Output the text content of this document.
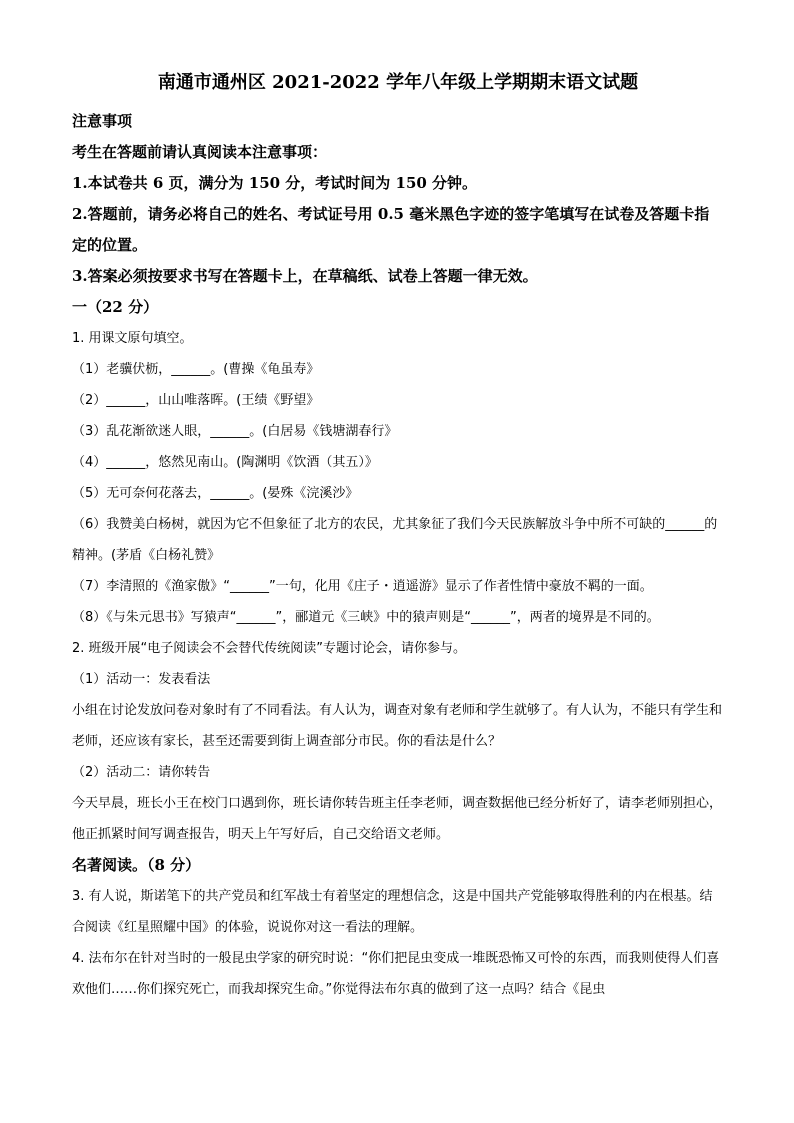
南通市通州区 2021-2022 学年八年级上学期期末语文试题
注意事项
考生在答题前请认真阅读本注意事项：
1.本试卷共 6 页，满分为 150 分，考试时间为 150 分钟。
2.答题前，请务必将自己的姓名、考试证号用 0.5 毫米黑色字迹的签字笔填写在试卷及答题卡指定的位置。
3.答案必须按要求书写在答题卡上，在草稿纸、试卷上答题一律无效。
一（22 分）
1. 用课文原句填空。
（1）老骥伏枥，______。(曹操《龟虽寿》
（2）______，山山唯落晖。(王绩《野望》
（3）乱花渐欲迷人眼，______。(白居易《钱塘湖春行》
（4）______，悠然见南山。(陶渊明《饮酒（其五）》
（5）无可奈何花落去，______。(晏殊《浣溪沙》
（6）我赞美白杨树，就因为它不但象征了北方的农民，尤其象征了我们今天民族解放斗争中所不可缺的______的精神。(茅盾《白杨礼赞》
（7）李清照的《渔家傲》“______”一句，化用《庄子・逍遥游》显示了作者性情中豪放不羁的一面。
（8）《与朱元思书》写猿声“______”，郦道元《三峡》中的猿声则是“______”，两者的境界是不同的。
2. 班级开展“电子阅读会不会替代传统阅读”专题讨论会，请你参与。
（1）活动一：发表看法
小组在讨论发放问卷对象时有了不同看法。有人认为，调查对象有老师和学生就够了。有人认为，不能只有学生和老师，还应该有家长，甚至还需要到街上调查部分市民。你的看法是什么？
（2）活动二：请你转告
今天早晨，班长小王在校门口遇到你，班长请你转告班主任李老师，调查数据他已经分析好了，请李老师别担心，他正抓紧时间写调查报告，明天上午写好后，自己交给语文老师。
名著阅读。（8 分）
3. 有人说，斯诺笔下的共产党员和红军战士有着坚定的理想信念，这是中国共产党能够取得胜利的内在根基。结合阅读《红星照耀中国》的体验，说说你对这一看法的理解。
4. 法布尔在针对当时的一般昆虫学家的研究时说：“你们把昆虫变成一堆既恐怖又可怜的东西，而我则使得人们喜欢他们……你们探究死亡，而我却探究生命。”你觉得法布尔真的做到了这一点吗？结合《昆虫
